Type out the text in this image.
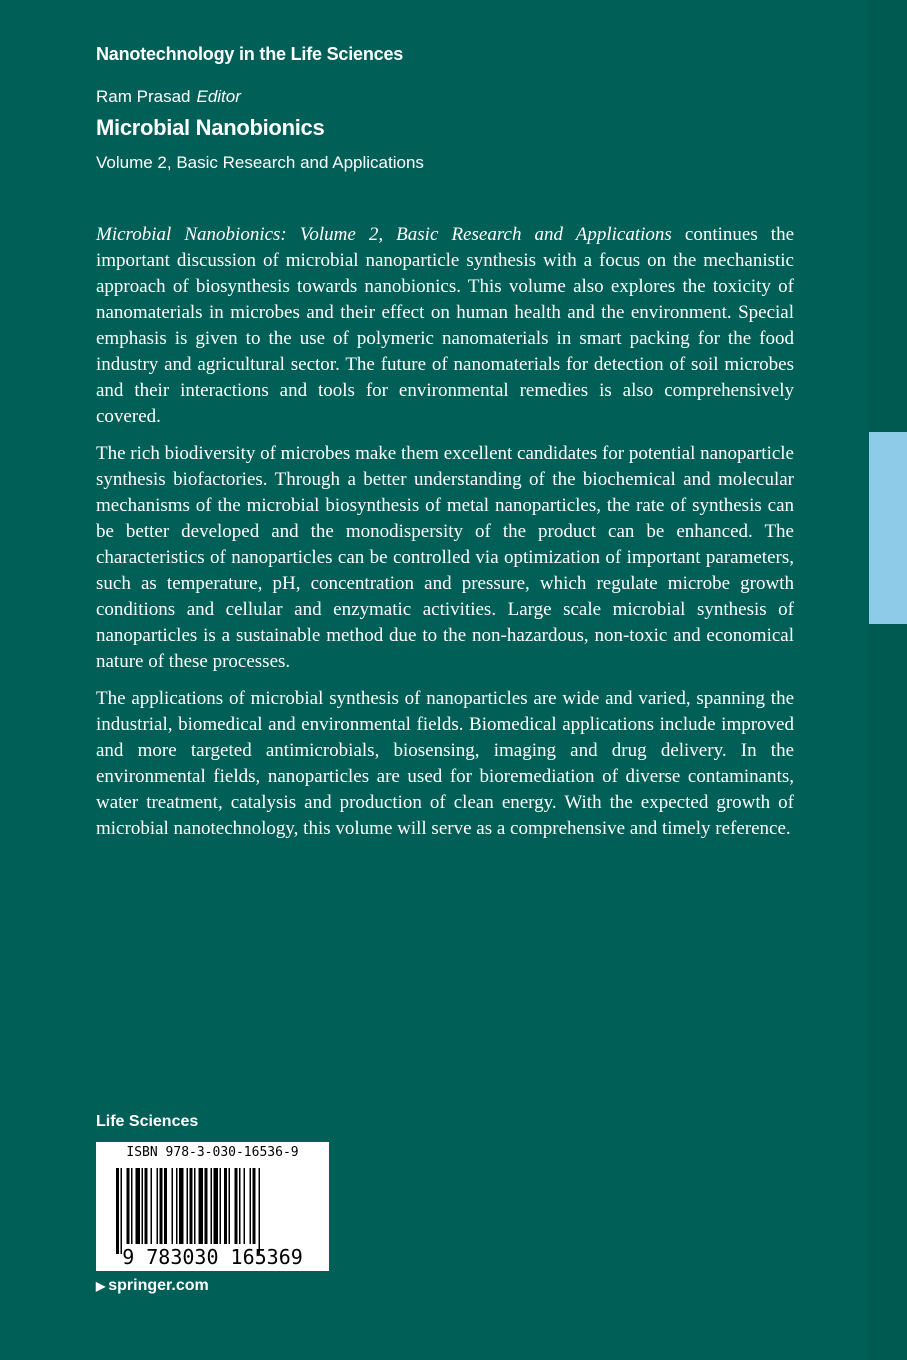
Nanotechnology in the Life Sciences
Ram Prasad Editor
Microbial Nanobionics
Volume 2, Basic Research and Applications

Microbial Nanobionics: Volume 2, Basic Research and Applications continues the important discussion of microbial nanoparticle synthesis with a focus on the mechanistic approach of biosynthesis towards nanobionics. This volume also explores the toxicity of nanomaterials in microbes and their effect on human health and the environment. Special emphasis is given to the use of polymeric nanomaterials in smart packing for the food industry and agricultural sector. The future of nanomaterials for detection of soil microbes and their interactions and tools for environmental remedies is also comprehensively covered.

The rich biodiversity of microbes make them excellent candidates for potential nanoparticle synthesis biofactories. Through a better understanding of the biochemical and molecular mechanisms of the microbial biosynthesis of metal nanoparticles, the rate of synthesis can be better developed and the monodispersity of the product can be enhanced. The characteristics of nanoparticles can be controlled via optimization of important parameters, such as temperature, pH, concentration and pressure, which regulate microbe growth conditions and cellular and enzymatic activities. Large scale microbial synthesis of nanoparticles is a sustainable method due to the non-hazardous, non-toxic and economical nature of these processes.

The applications of microbial synthesis of nanoparticles are wide and varied, spanning the industrial, biomedical and environmental fields. Biomedical applications include improved and more targeted antimicrobials, biosensing, imaging and drug delivery. In the environmental fields, nanoparticles are used for bioremediation of diverse contaminants, water treatment, catalysis and production of clean energy. With the expected growth of microbial nanotechnology, this volume will serve as a comprehensive and timely reference.

Life Sciences
ISBN 978-3-030-16536-9
9 783030 165369
▶ springer.com
